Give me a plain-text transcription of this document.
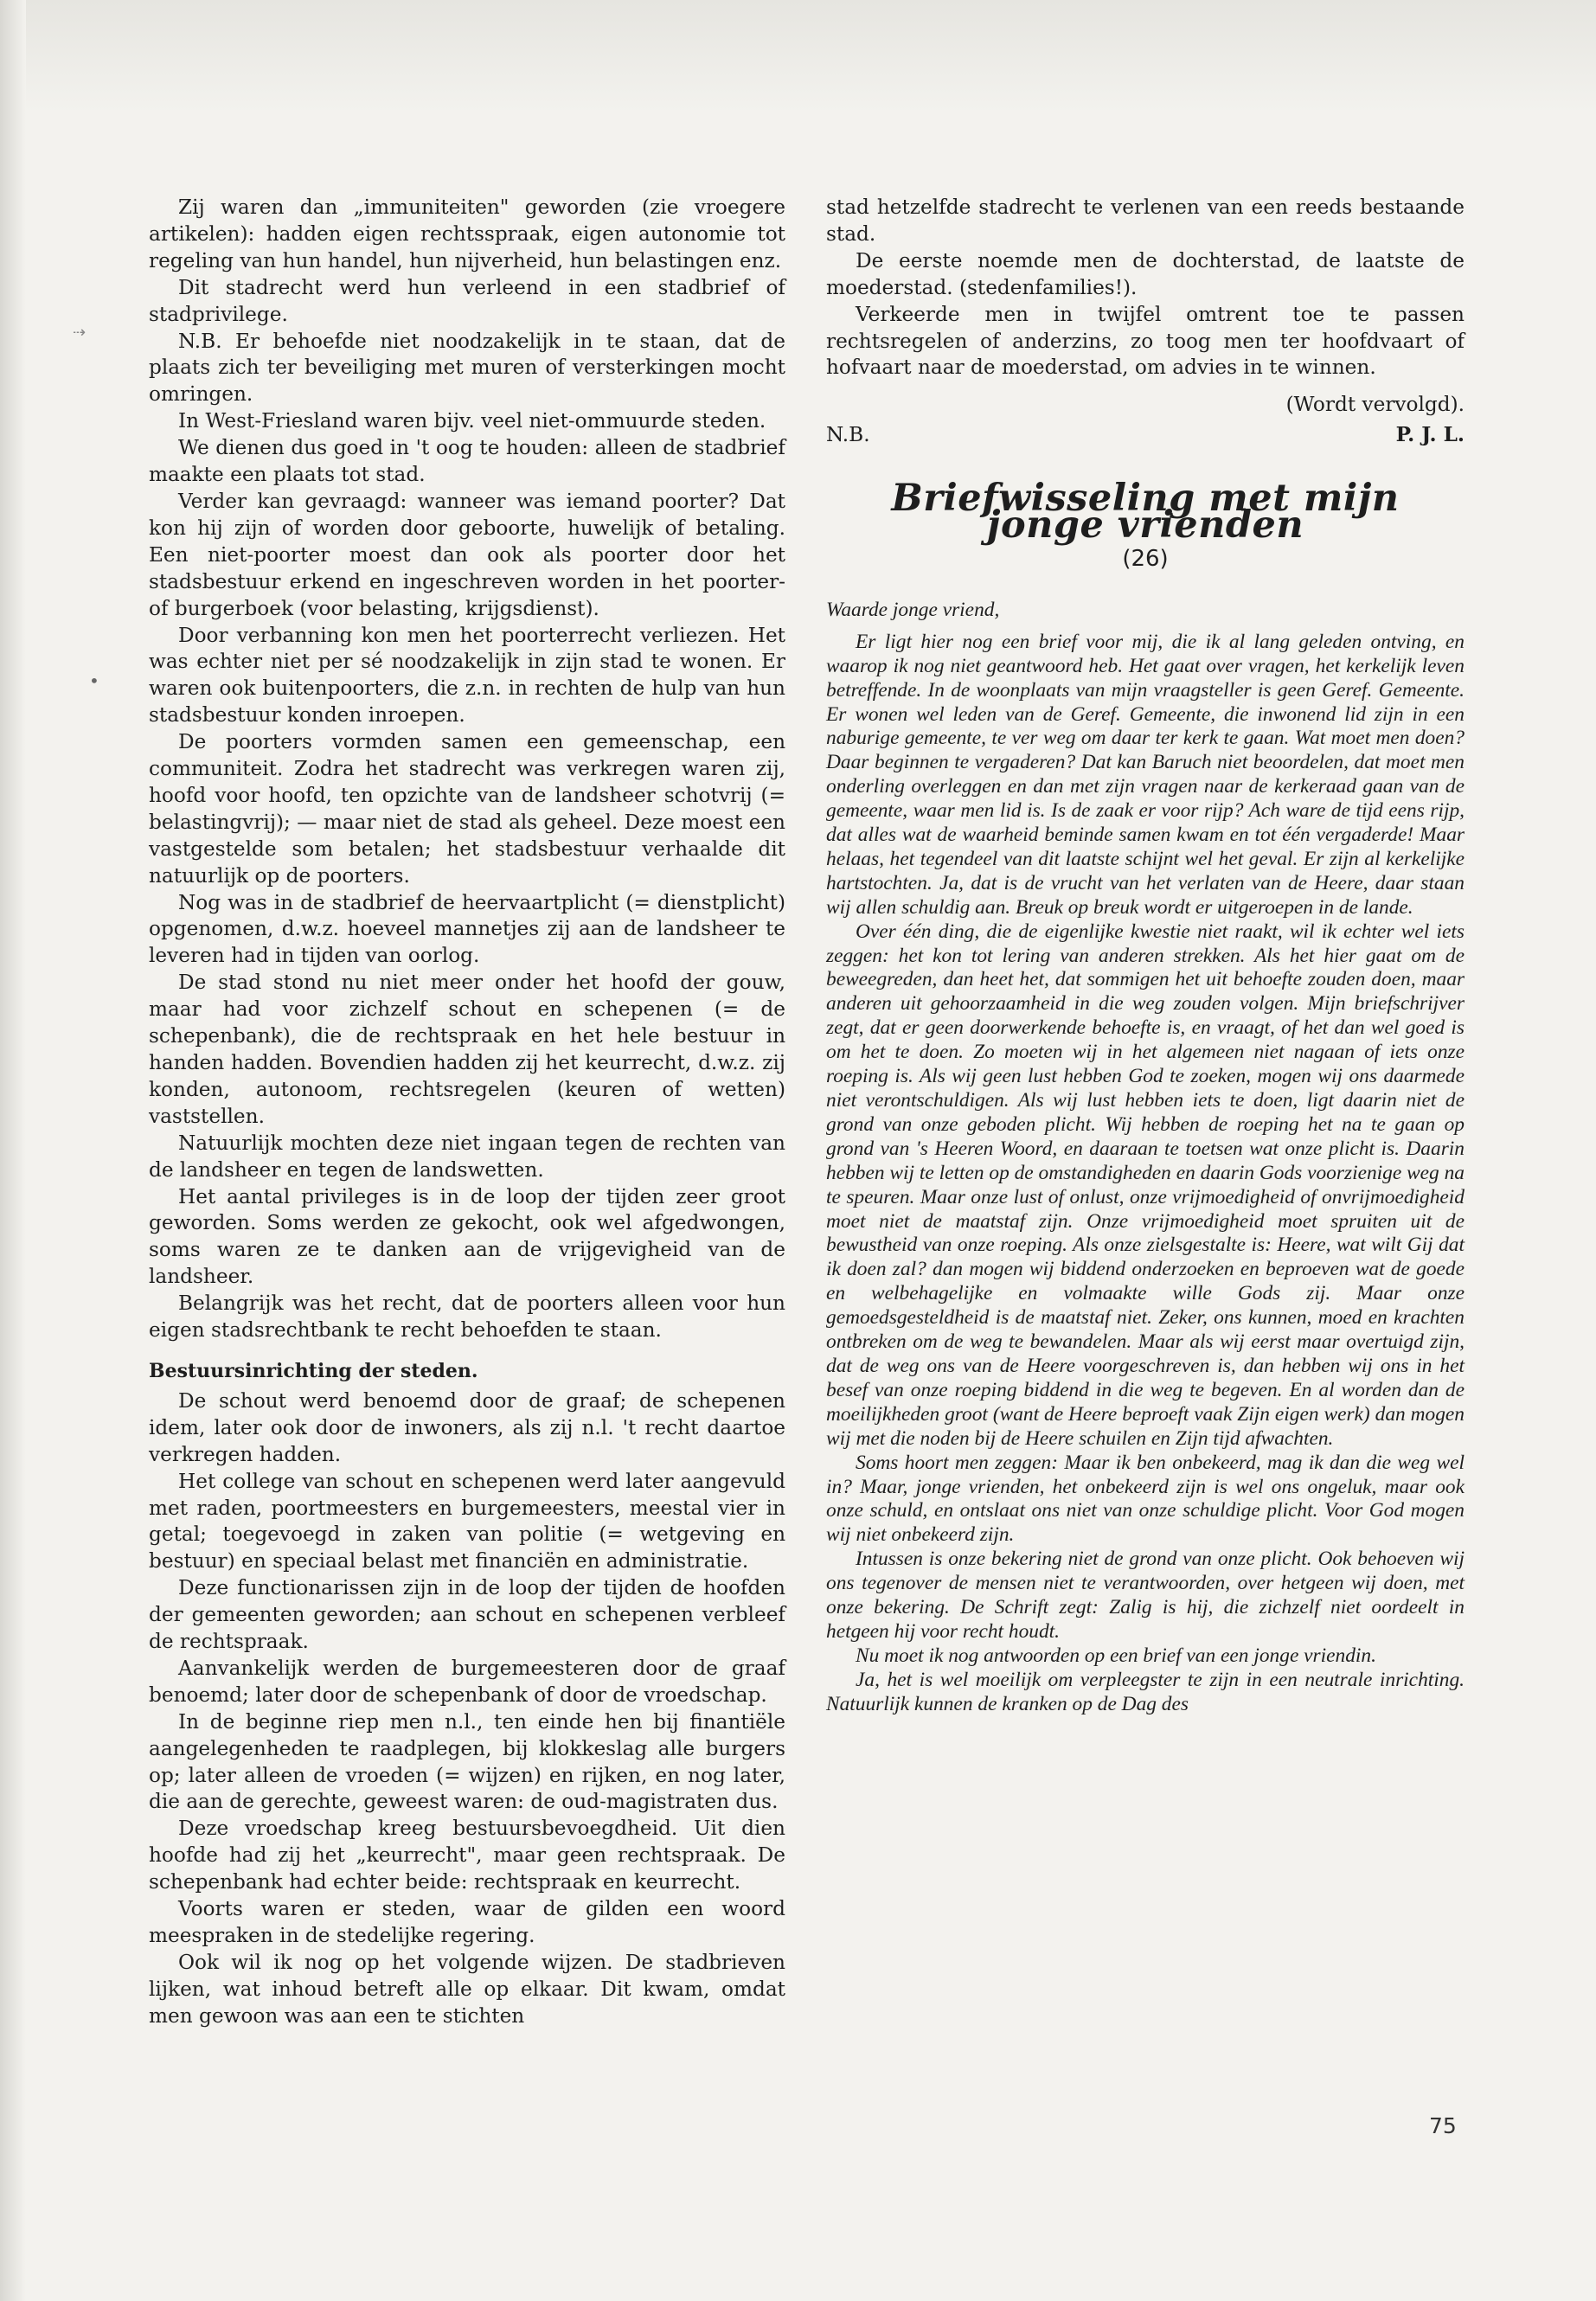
⇢
•

Zij waren dan „immuniteiten" geworden (zie vroegere artikelen): hadden eigen rechtsspraak, eigen autonomie tot regeling van hun handel, hun nijverheid, hun belastingen enz.

Dit stadrecht werd hun verleend in een stadbrief of stadprivilege.

N.B. Er behoefde niet noodzakelijk in te staan, dat de plaats zich ter beveiliging met muren of versterkingen mocht omringen.

In West-Friesland waren bijv. veel niet-ommuurde steden.

We dienen dus goed in 't oog te houden: alleen de stadbrief maakte een plaats tot stad.

Verder kan gevraagd: wanneer was iemand poorter? Dat kon hij zijn of worden door geboorte, huwelijk of betaling. Een niet-poorter moest dan ook als poorter door het stadsbestuur erkend en ingeschreven worden in het poorter- of burgerboek (voor belasting, krijgsdienst).

Door verbanning kon men het poorterrecht verliezen. Het was echter niet per sé noodzakelijk in zijn stad te wonen. Er waren ook buitenpoorters, die z.n. in rechten de hulp van hun stadsbestuur konden inroepen.

De poorters vormden samen een gemeenschap, een communiteit. Zodra het stadrecht was verkregen waren zij, hoofd voor hoofd, ten opzichte van de landsheer schotvrij (= belastingvrij); — maar niet de stad als geheel. Deze moest een vastgestelde som betalen; het stadsbestuur verhaalde dit natuurlijk op de poorters.

Nog was in de stadbrief de heervaartplicht (= dienstplicht) opgenomen, d.w.z. hoeveel mannetjes zij aan de landsheer te leveren had in tijden van oorlog.

De stad stond nu niet meer onder het hoofd der gouw, maar had voor zichzelf schout en schepenen (= de schepenbank), die de rechtspraak en het hele bestuur in handen hadden. Bovendien hadden zij het keurrecht, d.w.z. zij konden, autonoom, rechtsregelen (keuren of wetten) vaststellen.

Natuurlijk mochten deze niet ingaan tegen de rechten van de landsheer en tegen de landswetten.

Het aantal privileges is in de loop der tijden zeer groot geworden. Soms werden ze gekocht, ook wel afgedwongen, soms waren ze te danken aan de vrijgevigheid van de landsheer.

Belangrijk was het recht, dat de poorters alleen voor hun eigen stadsrechtbank te recht behoefden te staan.

Bestuursinrichting der steden.

De schout werd benoemd door de graaf; de schepenen idem, later ook door de inwoners, als zij n.l. 't recht daartoe verkregen hadden.

Het college van schout en schepenen werd later aangevuld met raden, poortmeesters en burgemeesters, meestal vier in getal; toegevoegd in zaken van politie (= wetgeving en bestuur) en speciaal belast met financiën en administratie.

Deze functionarissen zijn in de loop der tijden de hoofden der gemeenten geworden; aan schout en schepenen verbleef de rechtspraak.

Aanvankelijk werden de burgemeesteren door de graaf benoemd; later door de schepenbank of door de vroedschap.

In de beginne riep men n.l., ten einde hen bij finantiële aangelegenheden te raadplegen, bij klokkeslag alle burgers op; later alleen de vroeden (= wijzen) en rijken, en nog later, die aan de gerechte, geweest waren: de oud-magistraten dus.

Deze vroedschap kreeg bestuursbevoegdheid. Uit dien hoofde had zij het „keurrecht", maar geen rechtspraak. De schepenbank had echter beide: rechtspraak en keurrecht.

Voorts waren er steden, waar de gilden een woord meespraken in de stedelijke regering.

Ook wil ik nog op het volgende wijzen. De stadbrieven lijken, wat inhoud betreft alle op elkaar. Dit kwam, omdat men gewoon was aan een te stichten

stad hetzelfde stadrecht te verlenen van een reeds bestaande stad.

De eerste noemde men de dochterstad, de laatste de moederstad. (stedenfamilies!).

Verkeerde men in twijfel omtrent toe te passen rechtsregelen of anderzins, zo toog men ter hoofdvaart of hofvaart naar de moederstad, om advies in te winnen.

(Wordt vervolgd).
N.B.	P. J. L.
Briefwisseling met mijn jonge vrienden
(26)
Waarde jonge vriend,

Er ligt hier nog een brief voor mij, die ik al lang geleden ontving, en waarop ik nog niet geantwoord heb. Het gaat over vragen, het kerkelijk leven betreffende. In de woonplaats van mijn vraagsteller is geen Geref. Gemeente. Er wonen wel leden van de Geref. Gemeente, die inwonend lid zijn in een naburige gemeente, te ver weg om daar ter kerk te gaan. Wat moet men doen? Daar beginnen te vergaderen? Dat kan Baruch niet beoordelen, dat moet men onderling overleggen en dan met zijn vragen naar de kerkeraad gaan van de gemeente, waar men lid is. Is de zaak er voor rijp? Ach ware de tijd eens rijp, dat alles wat de waarheid beminde samen kwam en tot één vergaderde! Maar helaas, het tegendeel van dit laatste schijnt wel het geval. Er zijn al kerkelijke hartstochten. Ja, dat is de vrucht van het verlaten van de Heere, daar staan wij allen schuldig aan. Breuk op breuk wordt er uitgeroepen in de lande.

Over één ding, die de eigenlijke kwestie niet raakt, wil ik echter wel iets zeggen: het kon tot lering van anderen strekken. Als het hier gaat om de beweegreden, dan heet het, dat sommigen het uit behoefte zouden doen, maar anderen uit gehoorzaamheid in die weg zouden volgen. Mijn briefschrijver zegt, dat er geen doorwerkende behoefte is, en vraagt, of het dan wel goed is om het te doen. Zo moeten wij in het algemeen niet nagaan of iets onze roeping is. Als wij geen lust hebben God te zoeken, mogen wij ons daarmede niet verontschuldigen. Als wij lust hebben iets te doen, ligt daarin niet de grond van onze geboden plicht. Wij hebben de roeping het na te gaan op grond van 's Heeren Woord, en daaraan te toetsen wat onze plicht is. Daarin hebben wij te letten op de omstandigheden en daarin Gods voorzienige weg na te speuren. Maar onze lust of onlust, onze vrijmoedigheid of onvrijmoedigheid moet niet de maatstaf zijn. Onze vrijmoedigheid moet spruiten uit de bewustheid van onze roeping. Als onze zielsgestalte is: Heere, wat wilt Gij dat ik doen zal? dan mogen wij biddend onderzoeken en beproeven wat de goede en welbehagelijke en volmaakte wille Gods zij. Maar onze gemoedsgesteldheid is de maatstaf niet. Zeker, ons kunnen, moed en krachten ontbreken om de weg te bewandelen. Maar als wij eerst maar overtuigd zijn, dat de weg ons van de Heere voorgeschreven is, dan hebben wij ons in het besef van onze roeping biddend in die weg te begeven. En al worden dan de moeilijkheden groot (want de Heere beproeft vaak Zijn eigen werk) dan mogen wij met die noden bij de Heere schuilen en Zijn tijd afwachten.

Soms hoort men zeggen: Maar ik ben onbekeerd, mag ik dan die weg wel in? Maar, jonge vrienden, het onbekeerd zijn is wel ons ongeluk, maar ook onze schuld, en ontslaat ons niet van onze schuldige plicht. Voor God mogen wij niet onbekeerd zijn.

Intussen is onze bekering niet de grond van onze plicht. Ook behoeven wij ons tegenover de mensen niet te verantwoorden, over hetgeen wij doen, met onze bekering. De Schrift zegt: Zalig is hij, die zichzelf niet oordeelt in hetgeen hij voor recht houdt.

Nu moet ik nog antwoorden op een brief van een jonge vriendin.

Ja, het is wel moeilijk om verpleegster te zijn in een neutrale inrichting. Natuurlijk kunnen de kranken op de Dag des

75
